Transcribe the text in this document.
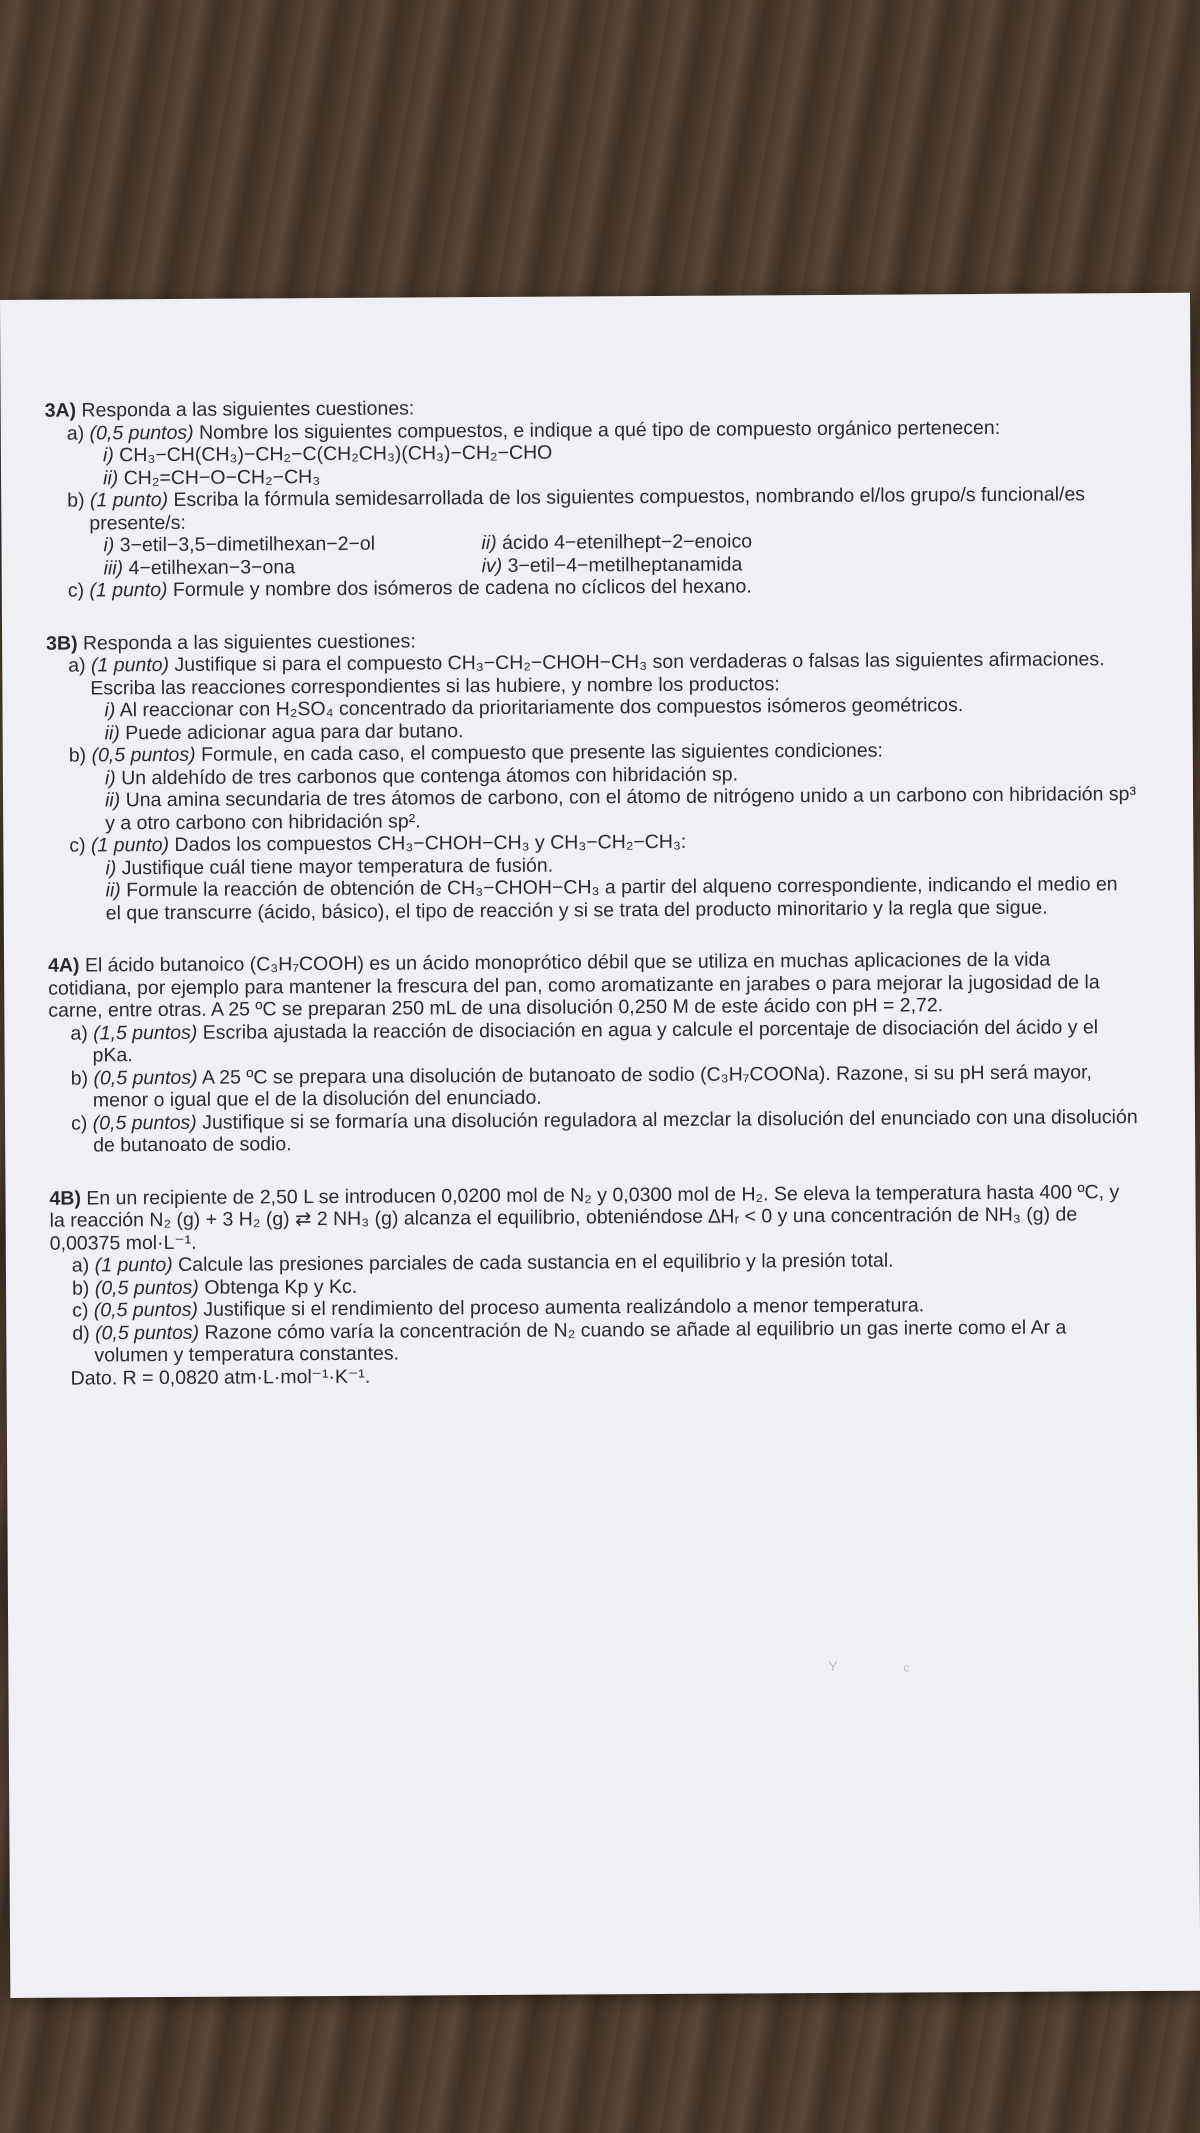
3A) Responda a las siguientes cuestiones:
a) (0,5 puntos) Nombre los siguientes compuestos, e indique a qué tipo de compuesto orgánico pertenecen:
i) CH₃−CH(CH₃)−CH₂−C(CH₂CH₃)(CH₃)−CH₂−CHO
ii) CH₂=CH−O−CH₂−CH₃
b) (1 punto) Escriba la fórmula semidesarrollada de los siguientes compuestos, nombrando el/los grupo/s funcional/es presente/s:
i) 3−etil−3,5−dimetilhexan−2−ol	ii) ácido 4−etenilhept−2−enoico
iii) 4−etilhexan−3−ona	iv) 3−etil−4−metilheptanamida
c) (1 punto) Formule y nombre dos isómeros de cadena no cíclicos del hexano.
3B) Responda a las siguientes cuestiones:
a) (1 punto) Justifique si para el compuesto CH₃−CH₂−CHOH−CH₃ son verdaderas o falsas las siguientes afirmaciones. Escriba las reacciones correspondientes si las hubiere, y nombre los productos:
i) Al reaccionar con H₂SO₄ concentrado da prioritariamente dos compuestos isómeros geométricos.
ii) Puede adicionar agua para dar butano.
b) (0,5 puntos) Formule, en cada caso, el compuesto que presente las siguientes condiciones:
i) Un aldehído de tres carbonos que contenga átomos con hibridación sp.
ii) Una amina secundaria de tres átomos de carbono, con el átomo de nitrógeno unido a un carbono con hibridación sp³ y a otro carbono con hibridación sp².
c) (1 punto) Dados los compuestos CH₃−CHOH−CH₃ y CH₃−CH₂−CH₃:
i) Justifique cuál tiene mayor temperatura de fusión.
ii) Formule la reacción de obtención de CH₃−CHOH−CH₃ a partir del alqueno correspondiente, indicando el medio en el que transcurre (ácido, básico), el tipo de reacción y si se trata del producto minoritario y la regla que sigue.
4A) El ácido butanoico (C₃H₇COOH) es un ácido monoprótico débil que se utiliza en muchas aplicaciones de la vida cotidiana, por ejemplo para mantener la frescura del pan, como aromatizante en jarabes o para mejorar la jugosidad de la carne, entre otras. A 25 ºC se preparan 250 mL de una disolución 0,250 M de este ácido con pH = 2,72.
a) (1,5 puntos) Escriba ajustada la reacción de disociación en agua y calcule el porcentaje de disociación del ácido y el pKa.
b) (0,5 puntos) A 25 ºC se prepara una disolución de butanoato de sodio (C₃H₇COONa). Razone, si su pH será mayor, menor o igual que el de la disolución del enunciado.
c) (0,5 puntos) Justifique si se formaría una disolución reguladora al mezclar la disolución del enunciado con una disolución de butanoato de sodio.
4B) En un recipiente de 2,50 L se introducen 0,0200 mol de N₂ y 0,0300 mol de H₂. Se eleva la temperatura hasta 400 ºC, y la reacción N₂ (g) + 3 H₂ (g) ⇄ 2 NH₃ (g) alcanza el equilibrio, obteniéndose ∆Hᵣ < 0 y una concentración de NH₃ (g) de 0,00375 mol·L⁻¹.
a) (1 punto) Calcule las presiones parciales de cada sustancia en el equilibrio y la presión total.
b) (0,5 puntos) Obtenga Kp y Kc.
c) (0,5 puntos) Justifique si el rendimiento del proceso aumenta realizándolo a menor temperatura.
d) (0,5 puntos) Razone cómo varía la concentración de N₂ cuando se añade al equilibrio un gas inerte como el Ar a volumen y temperatura constantes.
Dato. R = 0,0820 atm·L·mol⁻¹·K⁻¹.
Y	c
